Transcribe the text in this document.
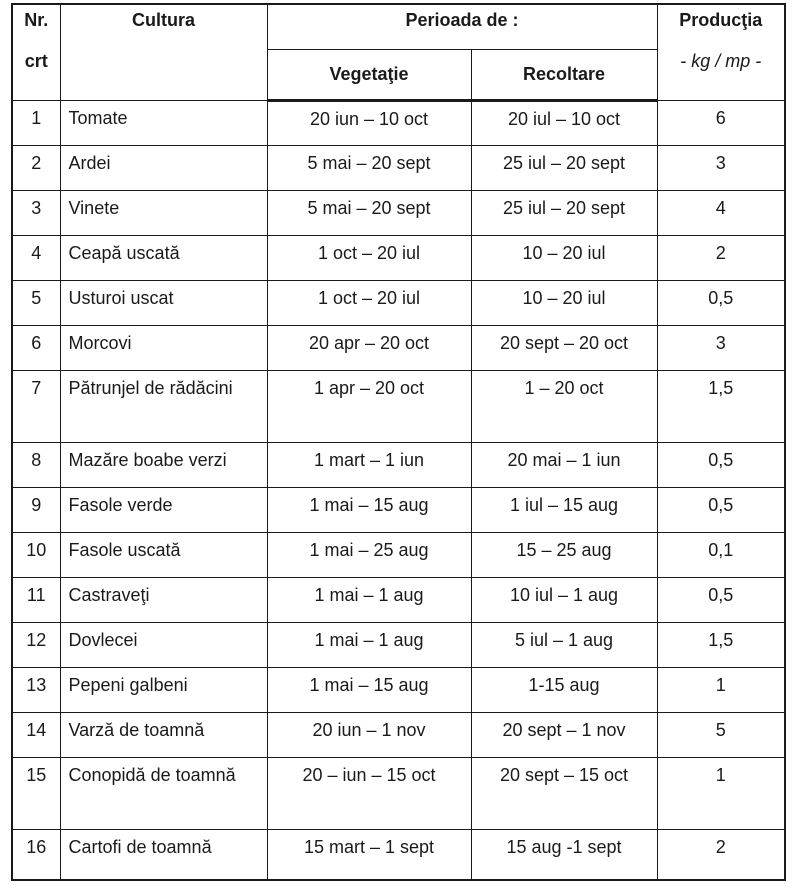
Nr.
crt	Cultura	Perioada de :		Producţia
- kg / mp -

		Vegetaţie	Recoltare	
1	Tomate	20 iun – 10 oct	20 iul – 10 oct	6
2	Ardei	5 mai – 20 sept	25 iul – 20 sept	3
3	Vinete	5 mai – 20 sept	25 iul – 20 sept	4
4	Ceapă uscată	1 oct – 20 iul	10 – 20 iul	2
5	Usturoi uscat	1 oct – 20 iul	10 – 20 iul	0,5
6	Morcovi	20 apr – 20 oct	20 sept – 20 oct	3
7	Pătrunjel de rădăcini	1 apr – 20 oct	1 – 20 oct	1,5
8	Mazăre boabe verzi	1 mart – 1 iun	20 mai – 1 iun	0,5
9	Fasole verde	1 mai – 15 aug	1 iul – 15 aug	0,5
10	Fasole uscată	1 mai – 25 aug	15 – 25 aug	0,1
11	Castraveţi	1 mai – 1 aug	10 iul – 1 aug	0,5
12	Dovlecei	1 mai – 1 aug	5 iul – 1 aug	1,5
13	Pepeni galbeni	1 mai – 15 aug	1-15 aug	1
14	Varză de toamnă	20 iun – 1 nov	20 sept – 1 nov	5
15	Conopidă de toamnă	20 – iun – 15 oct	20 sept – 15 oct	1
16	Cartofi de toamnă	15 mart – 1 sept	15 aug -1 sept	2
